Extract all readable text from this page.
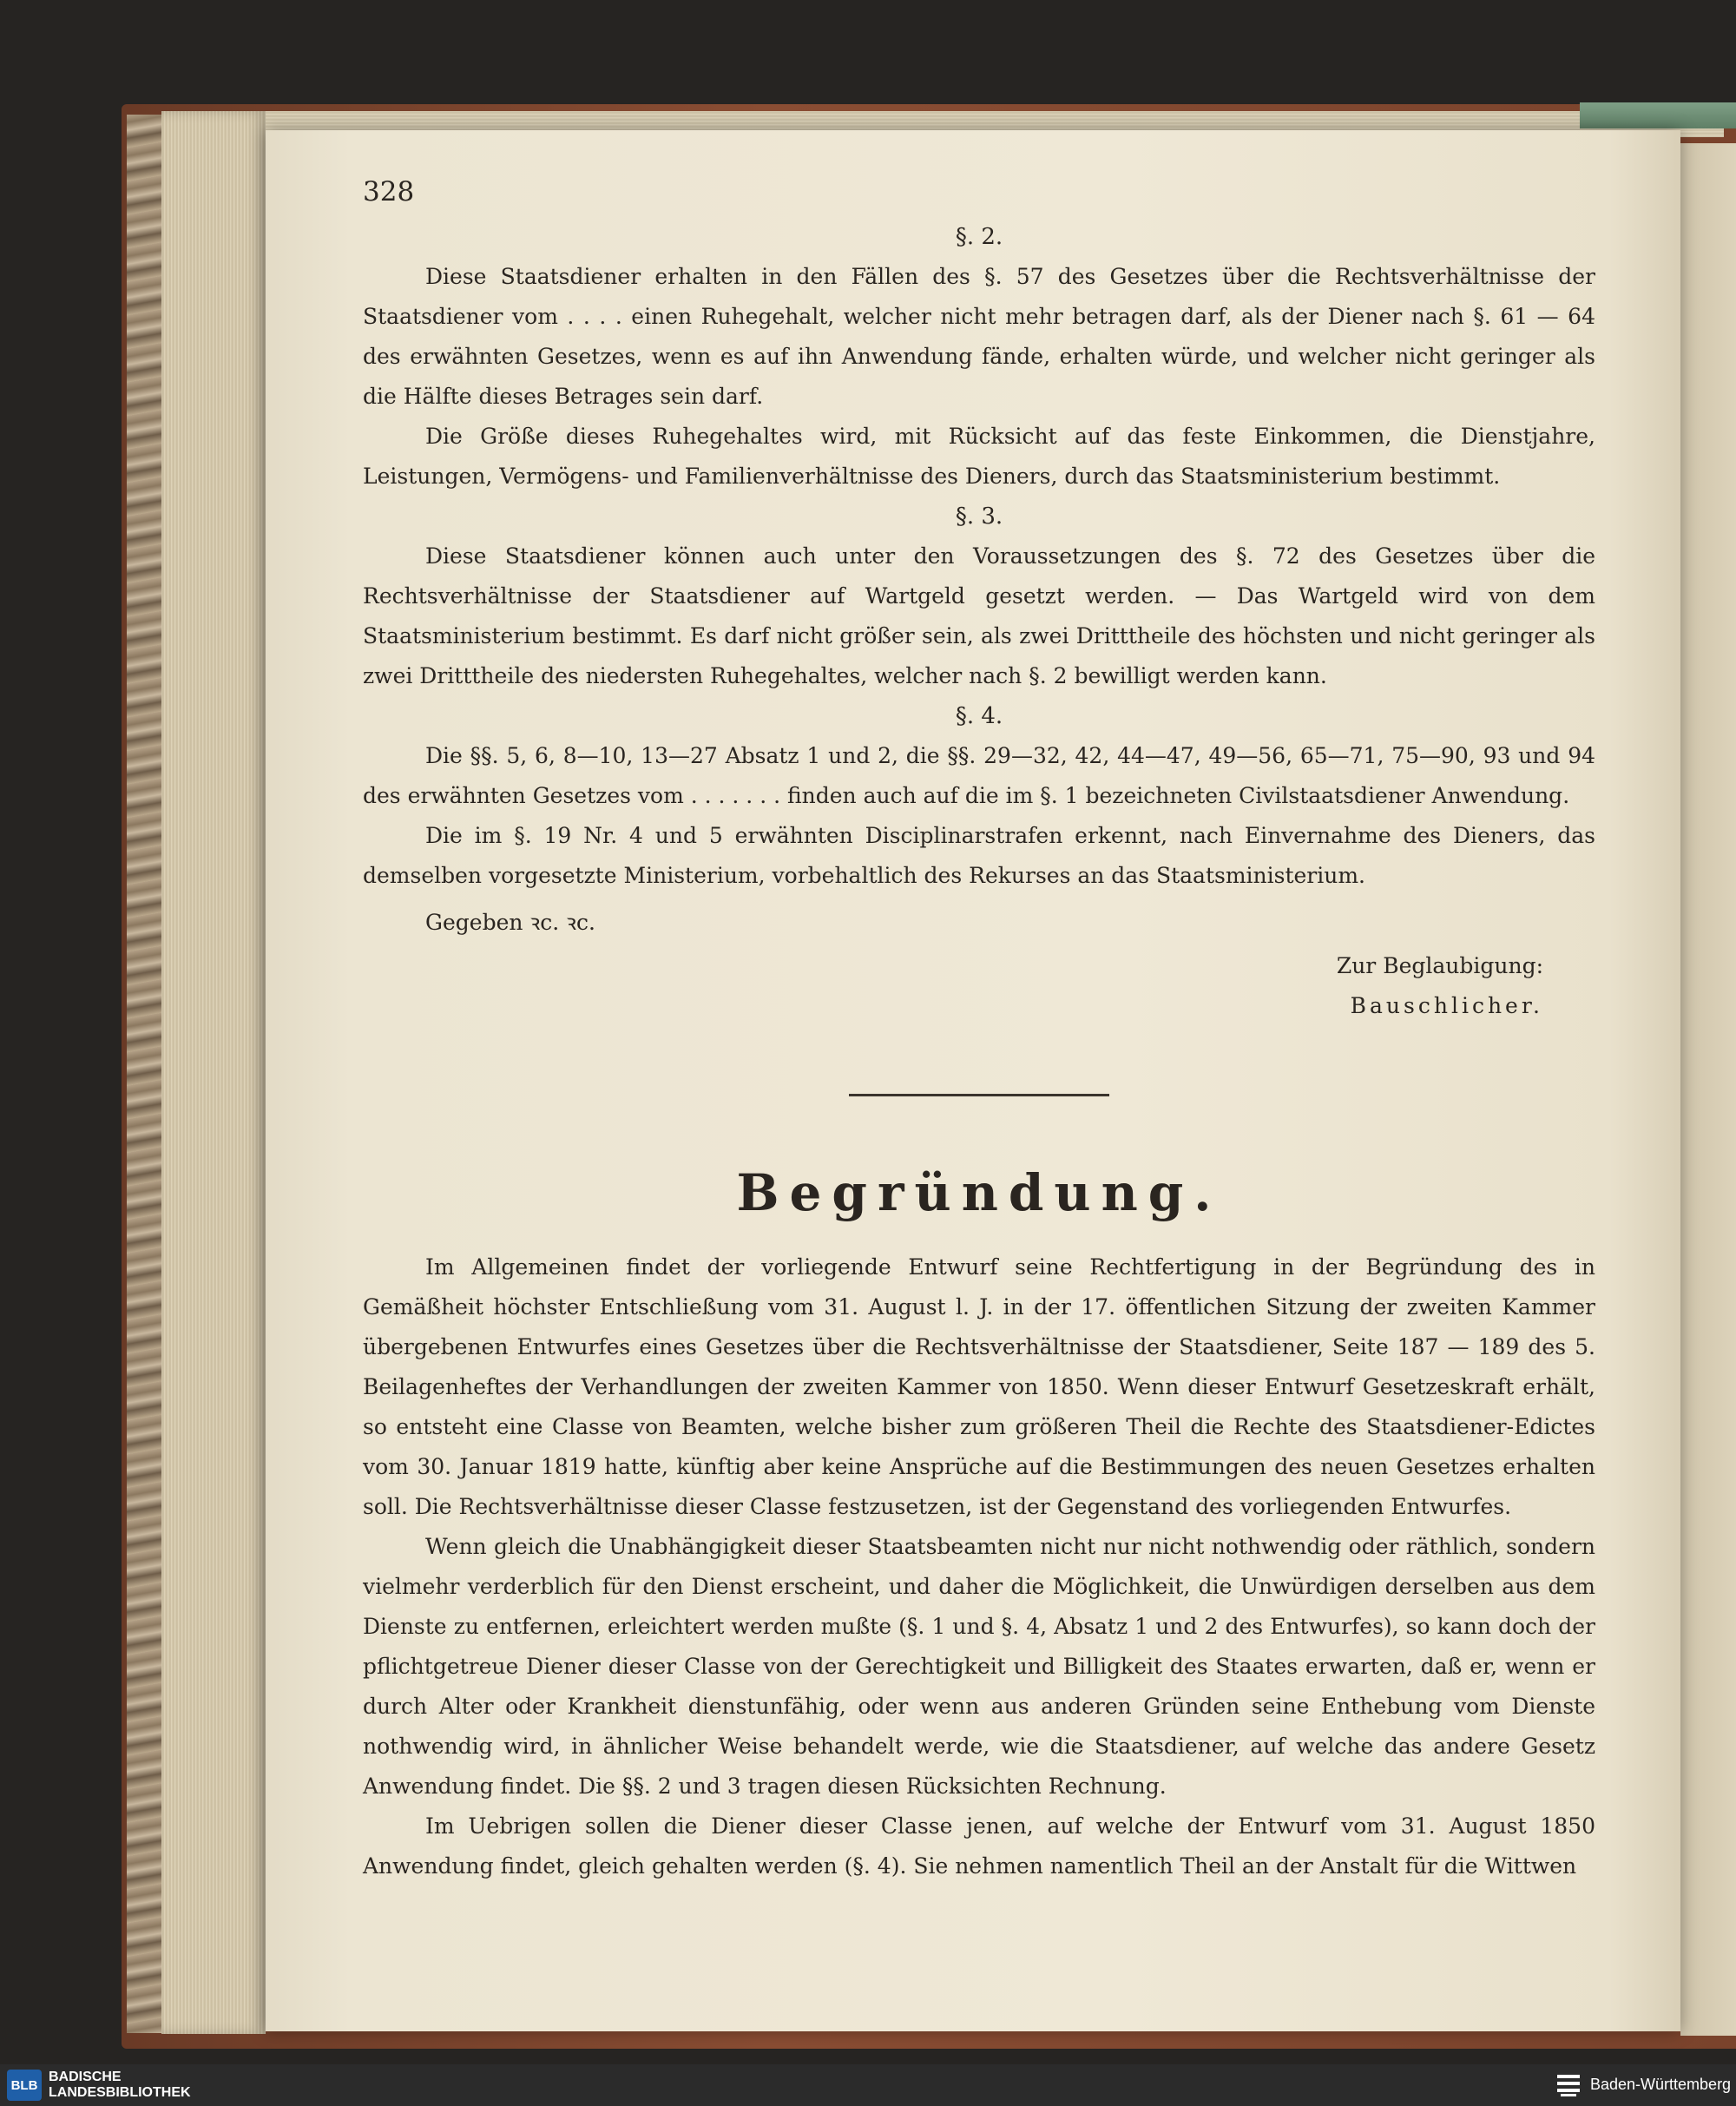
328
§. 2.

Diese Staatsdiener erhalten in den Fällen des §. 57 des Gesetzes über die Rechtsverhältnisse der Staatsdiener vom . . . . einen Ruhegehalt, welcher nicht mehr betragen darf, als der Diener nach §. 61 — 64 des erwähnten Gesetzes, wenn es auf ihn Anwendung fände, erhalten würde, und welcher nicht geringer als die Hälfte dieses Betrages sein darf.

Die Größe dieses Ruhegehaltes wird, mit Rücksicht auf das feste Einkommen, die Dienstjahre, Leistungen, Vermögens- und Familienverhältnisse des Dieners, durch das Staatsministerium bestimmt.

§. 3.

Diese Staatsdiener können auch unter den Voraussetzungen des §. 72 des Gesetzes über die Rechtsverhältnisse der Staatsdiener auf Wartgeld gesetzt werden. — Das Wartgeld wird von dem Staatsministerium bestimmt. Es darf nicht größer sein, als zwei Dritttheile des höchsten und nicht geringer als zwei Dritttheile des niedersten Ruhegehaltes, welcher nach §. 2 bewilligt werden kann.

§. 4.

Die §§. 5, 6, 8—10, 13—27 Absatz 1 und 2, die §§. 29—32, 42, 44—47, 49—56, 65—71, 75—90, 93 und 94 des erwähnten Gesetzes vom . . . . . . . finden auch auf die im §. 1 bezeichneten Civilstaatsdiener Anwendung.

Die im §. 19 Nr. 4 und 5 erwähnten Disciplinarstrafen erkennt, nach Einvernahme des Dieners, das demselben vorgesetzte Ministerium, vorbehaltlich des Rekurses an das Staatsministerium.

Gegeben ꝛc. ꝛc.

Zur Beglaubigung:

Bauschlicher.

Begründung.

Im Allgemeinen findet der vorliegende Entwurf seine Rechtfertigung in der Begründung des in Gemäßheit höchster Entschließung vom 31. August l. J. in der 17. öffentlichen Sitzung der zweiten Kammer übergebenen Entwurfes eines Gesetzes über die Rechtsverhältnisse der Staatsdiener, Seite 187 — 189 des 5. Beilagenheftes der Verhandlungen der zweiten Kammer von 1850. Wenn dieser Entwurf Gesetzeskraft erhält, so entsteht eine Classe von Beamten, welche bisher zum größeren Theil die Rechte des Staatsdiener-Edictes vom 30. Januar 1819 hatte, künftig aber keine Ansprüche auf die Bestimmungen des neuen Gesetzes erhalten soll. Die Rechtsverhältnisse dieser Classe festzusetzen, ist der Gegenstand des vorliegenden Entwurfes.

Wenn gleich die Unabhängigkeit dieser Staatsbeamten nicht nur nicht nothwendig oder räthlich, sondern vielmehr verderblich für den Dienst erscheint, und daher die Möglichkeit, die Unwürdigen derselben aus dem Dienste zu entfernen, erleichtert werden mußte (§. 1 und §. 4, Absatz 1 und 2 des Entwurfes), so kann doch der pflichtgetreue Diener dieser Classe von der Gerechtigkeit und Billigkeit des Staates erwarten, daß er, wenn er durch Alter oder Krankheit dienstunfähig, oder wenn aus anderen Gründen seine Enthebung vom Dienste nothwendig wird, in ähnlicher Weise behandelt werde, wie die Staatsdiener, auf welche das andere Gesetz Anwendung findet. Die §§. 2 und 3 tragen diesen Rücksichten Rechnung.

Im Uebrigen sollen die Diener dieser Classe jenen, auf welche der Entwurf vom 31. August 1850 Anwendung findet, gleich gehalten werden (§. 4). Sie nehmen namentlich Theil an der Anstalt für die Wittwen

BLB
BADISCHE
LANDESBIBLIOTHEK	Baden-Württemberg
